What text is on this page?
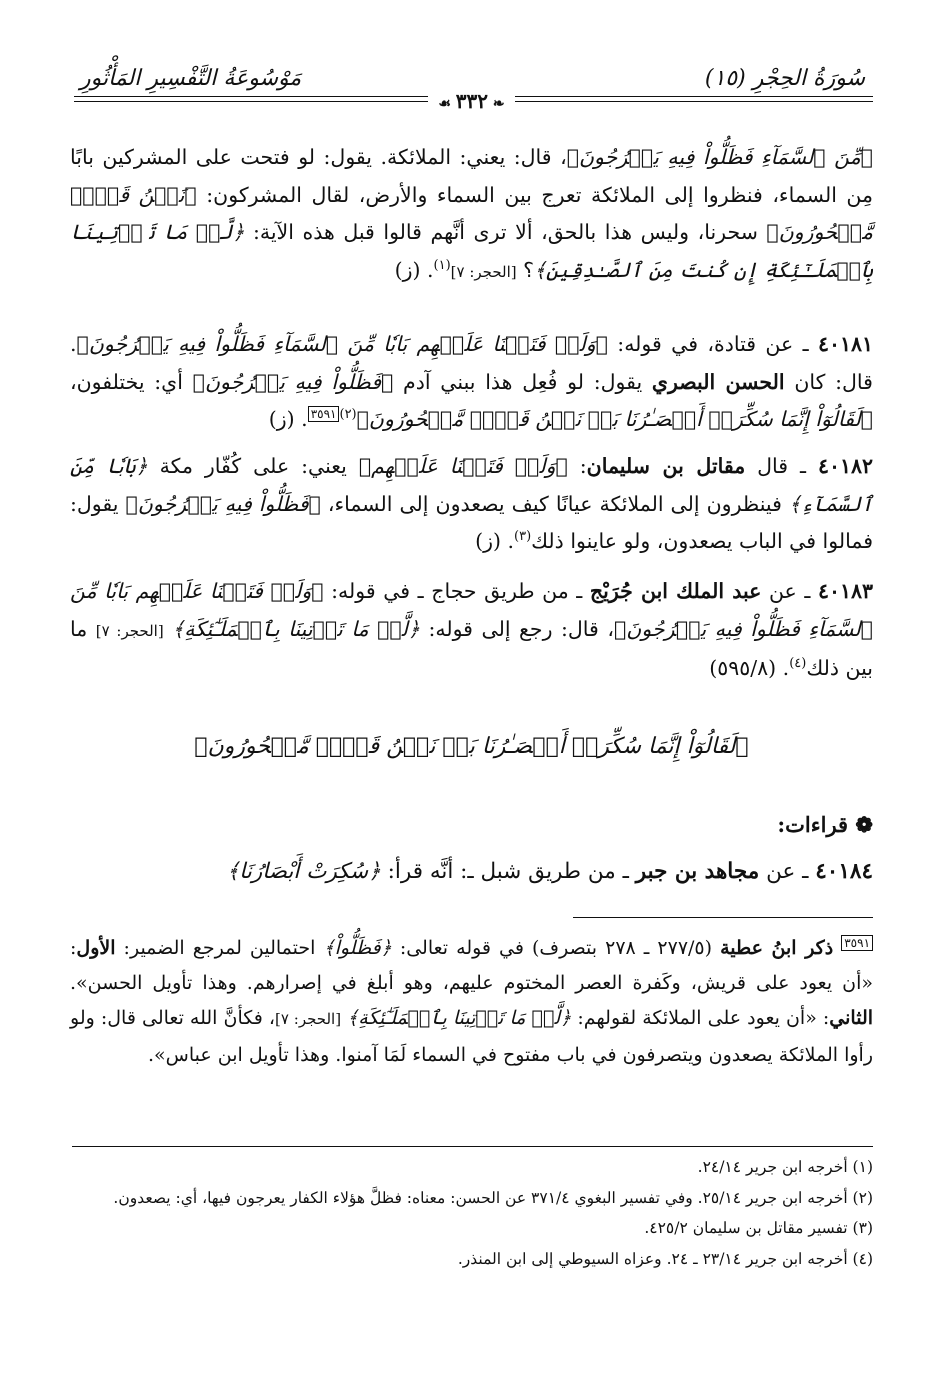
سُورَةُ الحِجْرِ (١٥)
مَوْسُوعَةُ التَّفْسِيرِ المَأْثُورِ
❧ ٣٣٢ ☙
﴿مِّنَ ٱلسَّمَآءِ فَظَلُّواْ فِيهِ يَعۡرُجُونَ﴾، قال: يعني: الملائكة. يقول: لو فتحت على المشركين بابًا مِن السماء، فنظروا إلى الملائكة تعرج بين السماء والأرض، لقال المشركون: ﴿نَحۡنُ قَوۡمٞ مَّسۡحُورُونَ﴾ سحرنا، وليس هذا بالحق، ألا ترى أنَّهم قالوا قبل هذه الآية: ﴿لَّوۡ مَا تَأۡتِينَا بِٱلۡمَلَـٰٓئِكَةِ إِن كُنتَ مِنَ ٱلصَّـٰدِقِينَ﴾؟ [الحجر: ٧]$^{(١)}$. (ز)
٤٠١٨١ ـ عن قتادة، في قوله: ﴿وَلَوۡ فَتَحۡنَا عَلَيۡهِم بَابٗا مِّنَ ٱلسَّمَآءِ فَظَلُّواْ فِيهِ يَعۡرُجُونَ﴾. قال: كان الحسن البصري يقول: لو فُعِل هذا ببني آدم ﴿فَظَلُّواْ فِيهِ يَعۡرُجُونَ﴾ أي: يختلفون، ﴿لَقَالُوٓاْ إِنَّمَا سُكِّرَتۡ أَبۡصَـٰرُنَا بَلۡ نَحۡنُ قَوۡمٞ مَّسۡحُورُونَ﴾$^{(٢)}$٣٥٩١. (ز)
٤٠١٨٢ ـ قال مقاتل بن سليمان: ﴿وَلَوۡ فَتَحۡنَا عَلَيۡهِم﴾ يعني: على كُفّار مكة ﴿بَابٗا مِّنَ ٱلسَّمَآءِ﴾ فينظرون إلى الملائكة عيانًا كيف يصعدون إلى السماء، ﴿فَظَلُّواْ فِيهِ يَعۡرُجُونَ﴾ يقول: فمالوا في الباب يصعدون، ولو عاينوا ذلك$^{(٣)}$. (ز)
٤٠١٨٣ ـ عن عبد الملك ابن جُرَيْج ـ من طريق حجاج ـ في قوله: ﴿وَلَوۡ فَتَحۡنَا عَلَيۡهِم بَابٗا مِّنَ ٱلسَّمَآءِ فَظَلُّواْ فِيهِ يَعۡرُجُونَ﴾، قال: رجع إلى قوله: ﴿لَّوۡ مَا تَأۡتِينَا بِٱلۡمَلَـٰٓئِكَةِ﴾ [الحجر: ٧] ما بين ذلك$^{(٤)}$. (٥٩٥/٨)
﴿لَقَالُوٓاْ إِنَّمَا سُكِّرَتۡ أَبۡصَـٰرُنَا بَلۡ نَحۡنُ قَوۡمٞ مَّسۡحُورُونَ﴾
❁ قراءات:
٤٠١٨٤ ـ عن مجاهد بن جبر ـ من طريق شبل ـ: أنَّه قرأ: ﴿سُكِرَتْ أَبْصَارُنَا﴾
٣٥٩١ ذكر ابنُ عطية (٢٧٧/٥ ـ ٢٧٨ بتصرف) في قوله تعالى: ﴿فَظَلُّواْ﴾ احتمالين لمرجع الضمير: الأول: «أن يعود على قريش، وكَفرة العصر المختوم عليهم، وهو أبلغ في إصرارهم. وهذا تأويل الحسن». الثاني: «أن يعود على الملائكة لقولهم: ﴿لَّوۡ مَا تَأۡتِينَا بِٱلۡمَلَـٰٓئِكَةِ﴾ [الحجر: ٧]، فكأنَّ الله تعالى قال: ولو رأوا الملائكة يصعدون ويتصرفون في باب مفتوح في السماء لَمَا آمنوا. وهذا تأويل ابن عباس».

(١) أخرجه ابن جرير ٢٤/١٤.

(٢) أخرجه ابن جرير ٢٥/١٤. وفي تفسير البغوي ٣٧١/٤ عن الحسن: معناه: فظلَّ هؤلاء الكفار يعرجون فيها، أي: يصعدون.

(٣) تفسير مقاتل بن سليمان ٤٢٥/٢.

(٤) أخرجه ابن جرير ٢٣/١٤ ـ ٢٤. وعزاه السيوطي إلى ابن المنذر.
